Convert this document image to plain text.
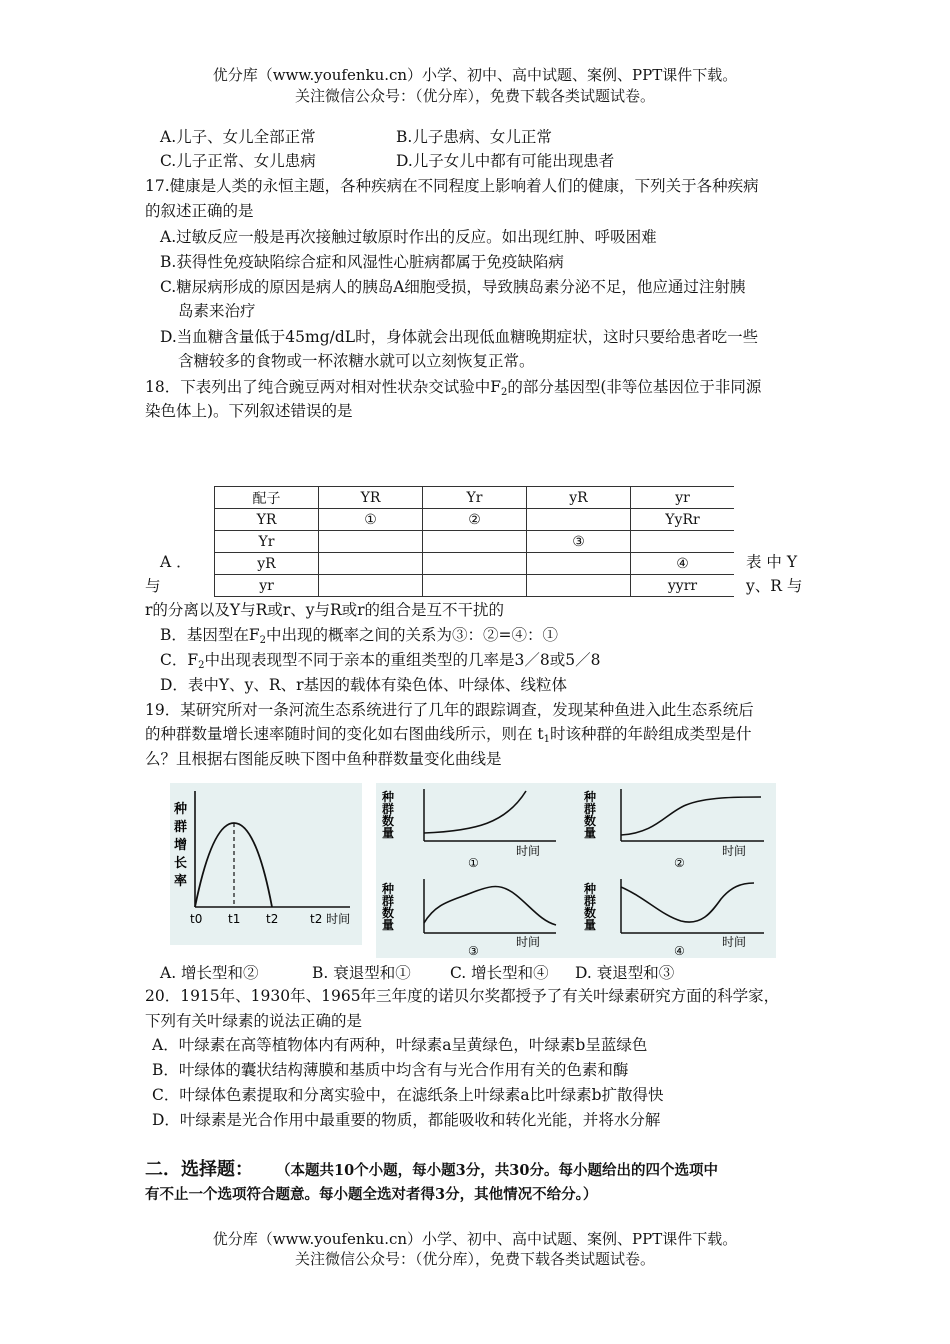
优分库（www.youfenku.cn）小学、初中、高中试题、案例、PPT课件下载。
关注微信公众号：（优分库），免费下载各类试题试卷。
A.儿子、女儿全部正常	B.儿子患病、女儿正常
C.儿子正常、女儿患病	D.儿子女儿中都有可能出现患者
17.健康是人类的永恒主题，各种疾病在不同程度上影响着人们的健康，下列关于各种疾病
的叙述正确的是
A.过敏反应一般是再次接触过敏原时作出的反应。如出现红肿、呼吸困难
B.获得性免疫缺陷综合症和风湿性心脏病都属于免疫缺陷病
C.糖尿病形成的原因是病人的胰岛A细胞受损，导致胰岛素分泌不足，他应通过注射胰
岛素来治疗
D.当血糖含量低于45mg/dL时，身体就会出现低血糖晚期症状，这时只要给患者吃一些
含糖较多的食物或一杯浓糖水就可以立刻恢复正常。
18．下表列出了纯合豌豆两对相对性状杂交试验中$F_2$的部分基因型(非等位基因位于非同源
染色体上)。下列叙述错误的是
配子	YR	Yr	yR	yr
YR	①	②		YyRr
Yr			③	
yR				④
yr				yyrr
A ．	表 中 Y
与	y、R 与
r的分离以及Y与R或r、y与R或r的组合是互不干扰的
B．基因型在$F_2$中出现的概率之间的关系为③：②=④：①
C．$F_2$中出现表现型不同于亲本的重组类型的几率是3／8或5／8
D．表中Y、y、R、r基因的载体有染色体、叶绿体、线粒体
19．某研究所对一条河流生态系统进行了几年的跟踪调查，发现某种鱼进入此生态系统后
的种群数量增长速率随时间的变化如右图曲线所示，则在 $t_1$时该种群的年龄组成类型是什
么？且根据右图能反映下图中鱼种群数量变化曲线是
种
群
增
长
率
t0 t1 t2	t2 时间
种
群
数
量
时间
①
种
群
数
量
时间
②
种
群
数
量
时间
③
种
群
数
量
时间
④
A. 增长型和②	B. 衰退型和①	C. 增长型和④ D. 衰退型和③
20．1915年、1930年、1965年三年度的诺贝尔奖都授予了有关叶绿素研究方面的科学家，
下列有关叶绿素的说法正确的是
A．叶绿素在高等植物体内有两种，叶绿素a呈黄绿色，叶绿素b呈蓝绿色
B．叶绿体的囊状结构薄膜和基质中均含有与光合作用有关的色素和酶
C．叶绿体色素提取和分离实验中，在滤纸条上叶绿素a比叶绿素b扩散得快
D．叶绿素是光合作用中最重要的物质，都能吸收和转化光能，并将水分解
二．选择题： （本题共10个小题，每小题3分，共30分。每小题给出的四个选项中
有不止一个选项符合题意。每小题全选对者得3分，其他情况不给分。）
优分库（www.youfenku.cn）小学、初中、高中试题、案例、PPT课件下载。
关注微信公众号：（优分库），免费下载各类试题试卷。
